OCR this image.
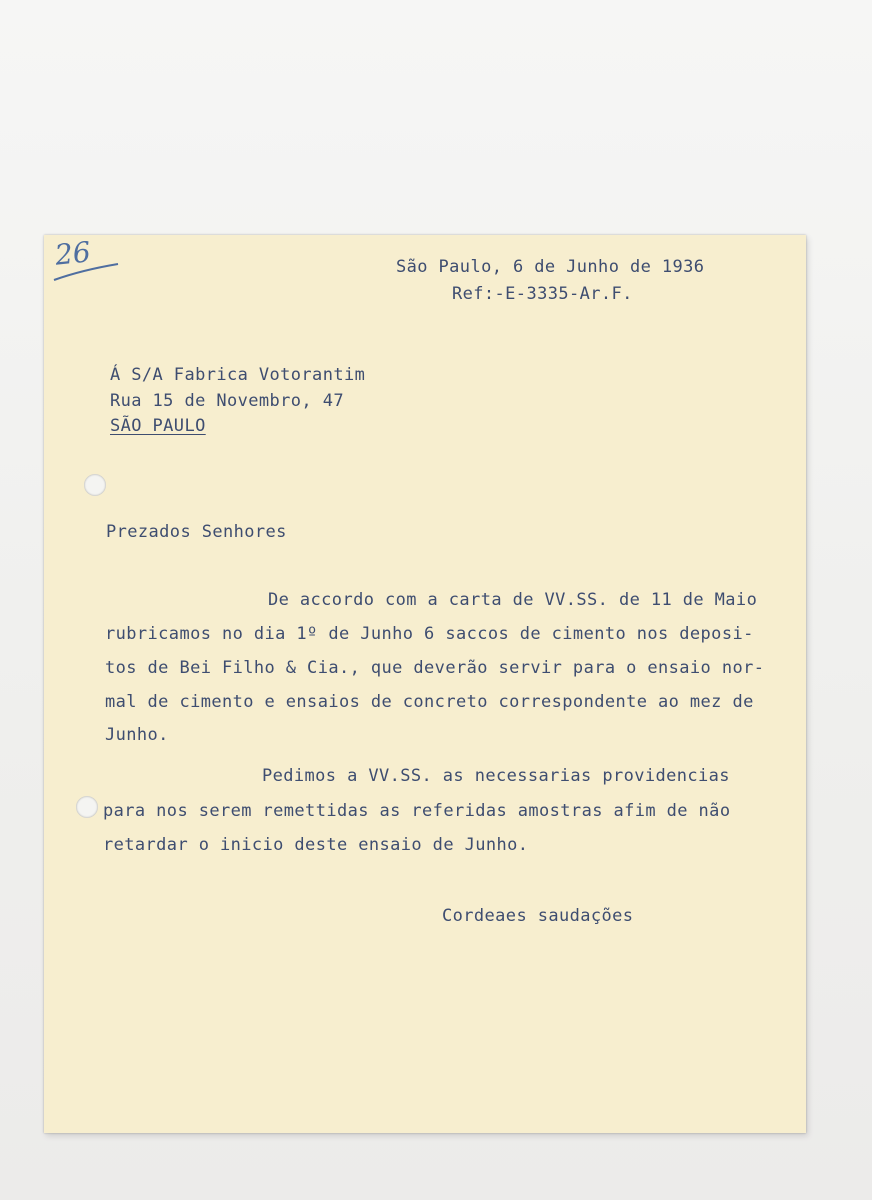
26	São Paulo, 6 de Junho de 1936
Ref:-E-3335-Ar.F.
Á S/A Fabrica Votorantim
Rua 15 de Novembro, 47
SÃO PAULO
Prezados Senhores
De accordo com a carta de VV.SS. de 11 de Maio
rubricamos no dia 1º de Junho 6 saccos de cimento nos deposi-
tos de Bei Filho & Cia., que deverão servir para o ensaio nor-
mal de cimento e ensaios de concreto correspondente ao mez de
Junho.
Pedimos a VV.SS. as necessarias providencias
para nos serem remettidas as referidas amostras afim de não
retardar o inicio deste ensaio de Junho.
Cordeaes saudações
